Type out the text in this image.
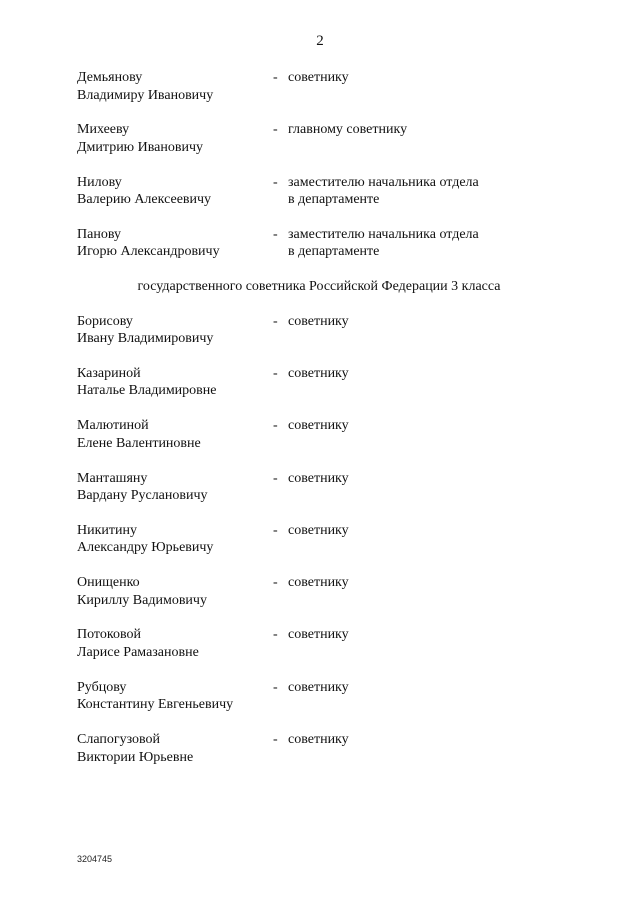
2
Демьянову
Владимиру Ивановичу
- советнику
Михееву
Дмитрию Ивановичу
- главному советнику
Нилову
Валерию Алексеевичу
- заместителю начальника отдела
в департаменте
Панову
Игорю Александровичу
- заместителю начальника отдела
в департаменте
государственного советника Российской Федерации 3 класса
Борисову
Ивану Владимировичу
- советнику
Казариной
Наталье Владимировне
- советнику
Малютиной
Елене Валентиновне
- советнику
Манташяну
Вардану Руслановичу
- советнику
Никитину
Александру Юрьевичу
- советнику
Онищенко
Кириллу Вадимовичу
- советнику
Потоковой
Ларисе Рамазановне
- советнику
Рубцову
Константину Евгеньевичу
- советнику
Слапогузовой
Виктории Юрьевне
- советнику
3204745
